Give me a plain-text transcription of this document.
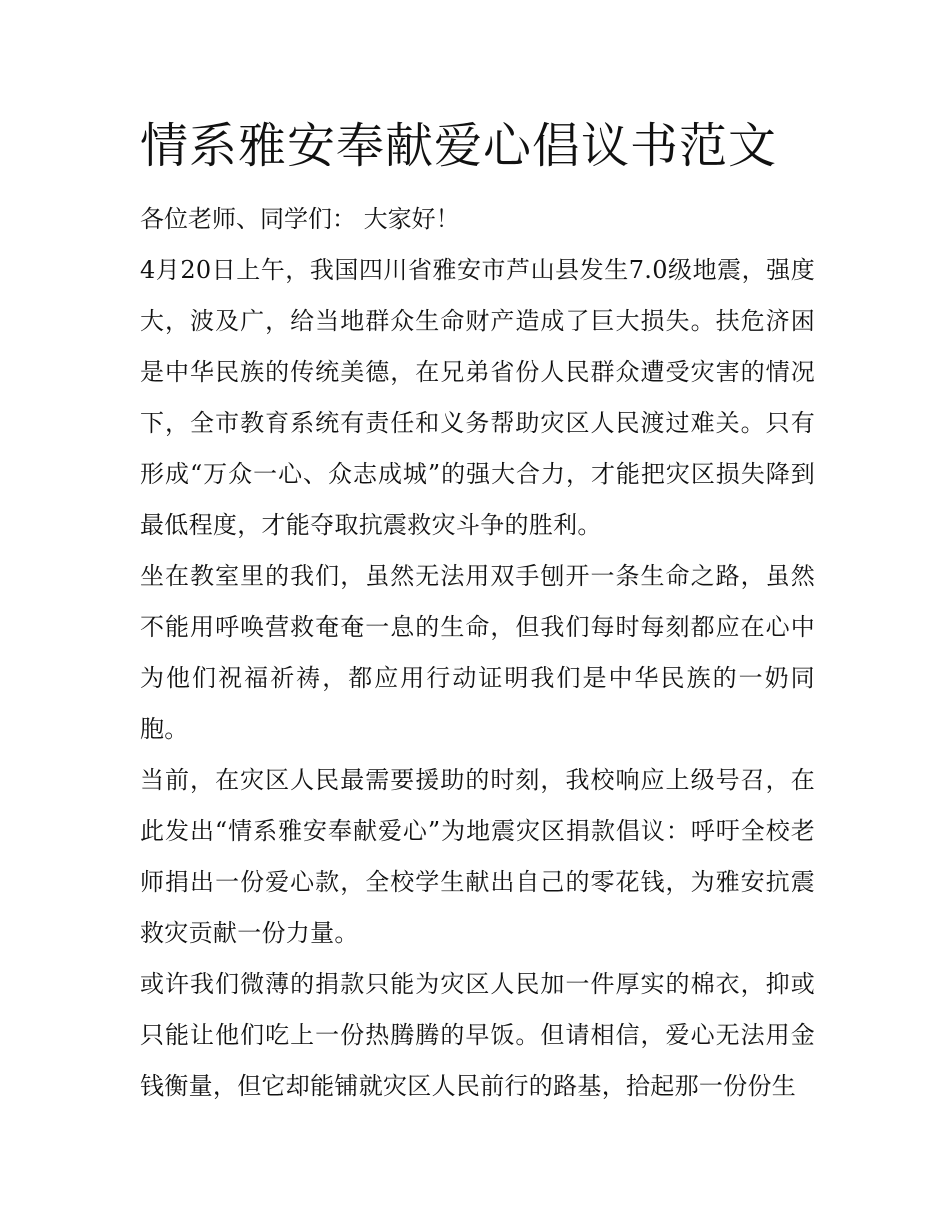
情系雅安奉献爱心倡议书范文

各位老师、同学们： 大家好！

4月20日上午，我国四川省雅安市芦山县发生7.0级地震，强度大，波及广，给当地群众生命财产造成了巨大损失。扶危济困是中华民族的传统美德，在兄弟省份人民群众遭受灾害的情况下，全市教育系统有责任和义务帮助灾区人民渡过难关。只有形成“万众一心、众志成城”的强大合力，才能把灾区损失降到最低程度，才能夺取抗震救灾斗争的胜利。

坐在教室里的我们，虽然无法用双手刨开一条生命之路，虽然不能用呼唤营救奄奄一息的生命，但我们每时每刻都应在心中为他们祝福祈祷，都应用行动证明我们是中华民族的一奶同胞。

当前，在灾区人民最需要援助的时刻，我校响应上级号召，在此发出“情系雅安奉献爱心”为地震灾区捐款倡议：呼吁全校老师捐出一份爱心款，全校学生献出自己的零花钱，为雅安抗震救灾贡献一份力量。

或许我们微薄的捐款只能为灾区人民加一件厚实的棉衣，抑或只能让他们吃上一份热腾腾的早饭。但请相信，爱心无法用金钱衡量，但它却能铺就灾区人民前行的路基，拾起那一份份生
